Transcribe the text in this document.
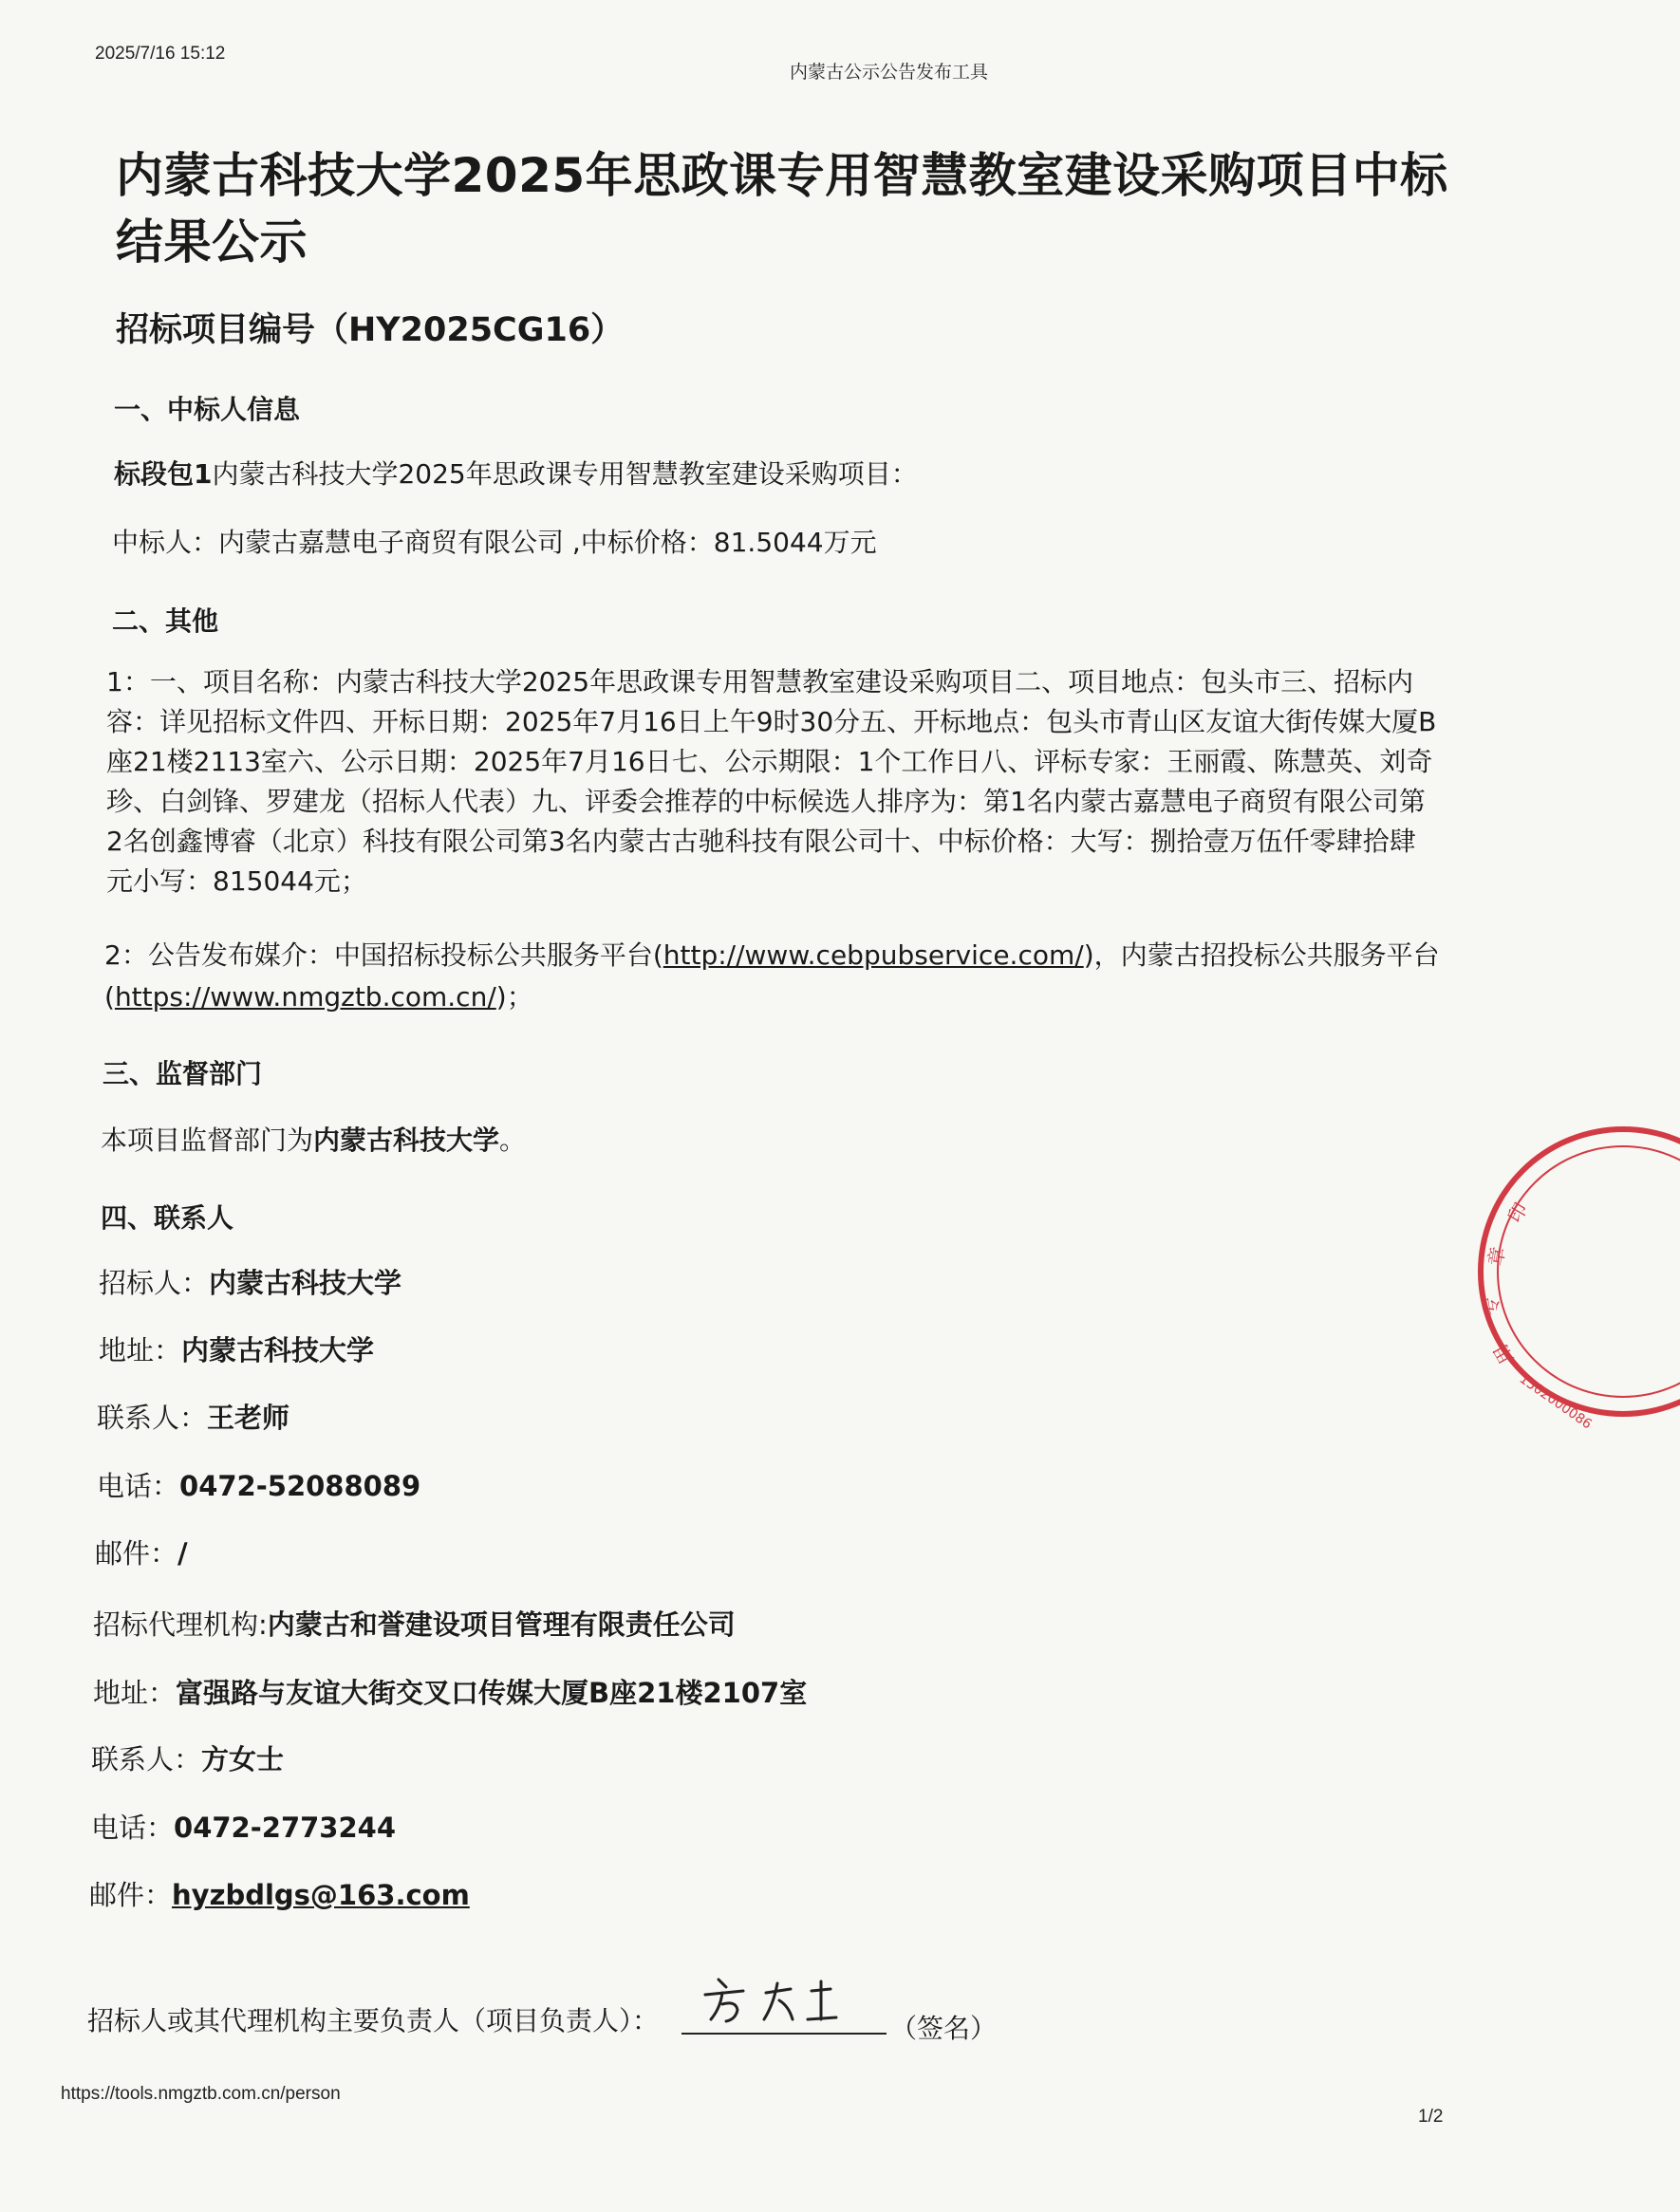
2025/7/16 15:12
内蒙古公示公告发布工具
内蒙古科技大学2025年思政课专用智慧教室建设采购项目中标结果公示
招标项目编号（HY2025CG16）
一、中标人信息
标段包1内蒙古科技大学2025年思政课专用智慧教室建设采购项目：
中标人：内蒙古嘉慧电子商贸有限公司 ,中标价格：81.5044万元
二、其他
1：一、项目名称：内蒙古科技大学2025年思政课专用智慧教室建设采购项目二、项目地点：包头市三、招标内
容：详见招标文件四、开标日期：2025年7月16日上午9时30分五、开标地点：包头市青山区友谊大街传媒大厦B
座21楼2113室六、公示日期：2025年7月16日七、公示期限：1个工作日八、评标专家：王丽霞、陈慧英、刘奇
珍、白剑锋、罗建龙（招标人代表）九、评委会推荐的中标候选人排序为：第1名内蒙古嘉慧电子商贸有限公司第
2名创鑫博睿（北京）科技有限公司第3名内蒙古古驰科技有限公司十、中标价格：大写：捌拾壹万伍仟零肆拾肆
元小写：815044元；
2：公告发布媒介：中国招标投标公共服务平台(http://www.cebpubservice.com/)，内蒙古招投标公共服务平台
(https://www.nmgztb.com.cn/)；
三、监督部门
本项目监督部门为内蒙古科技大学。
四、联系人
招标人：内蒙古科技大学
地址：内蒙古科技大学
联系人：王老师
电话：0472-52088089
邮件：/
招标代理机构:内蒙古和誉建设项目管理有限责任公司
地址：富强路与友谊大街交叉口传媒大厦B座21楼2107室
联系人：方女士
电话：0472-2773244
邮件：hyzbdlgs@163.com
招标人或其代理机构主要负责人（项目负责人）：	（签名）
印
章
专
用
1502000086
https://tools.nmgztb.com.cn/person
1/2
